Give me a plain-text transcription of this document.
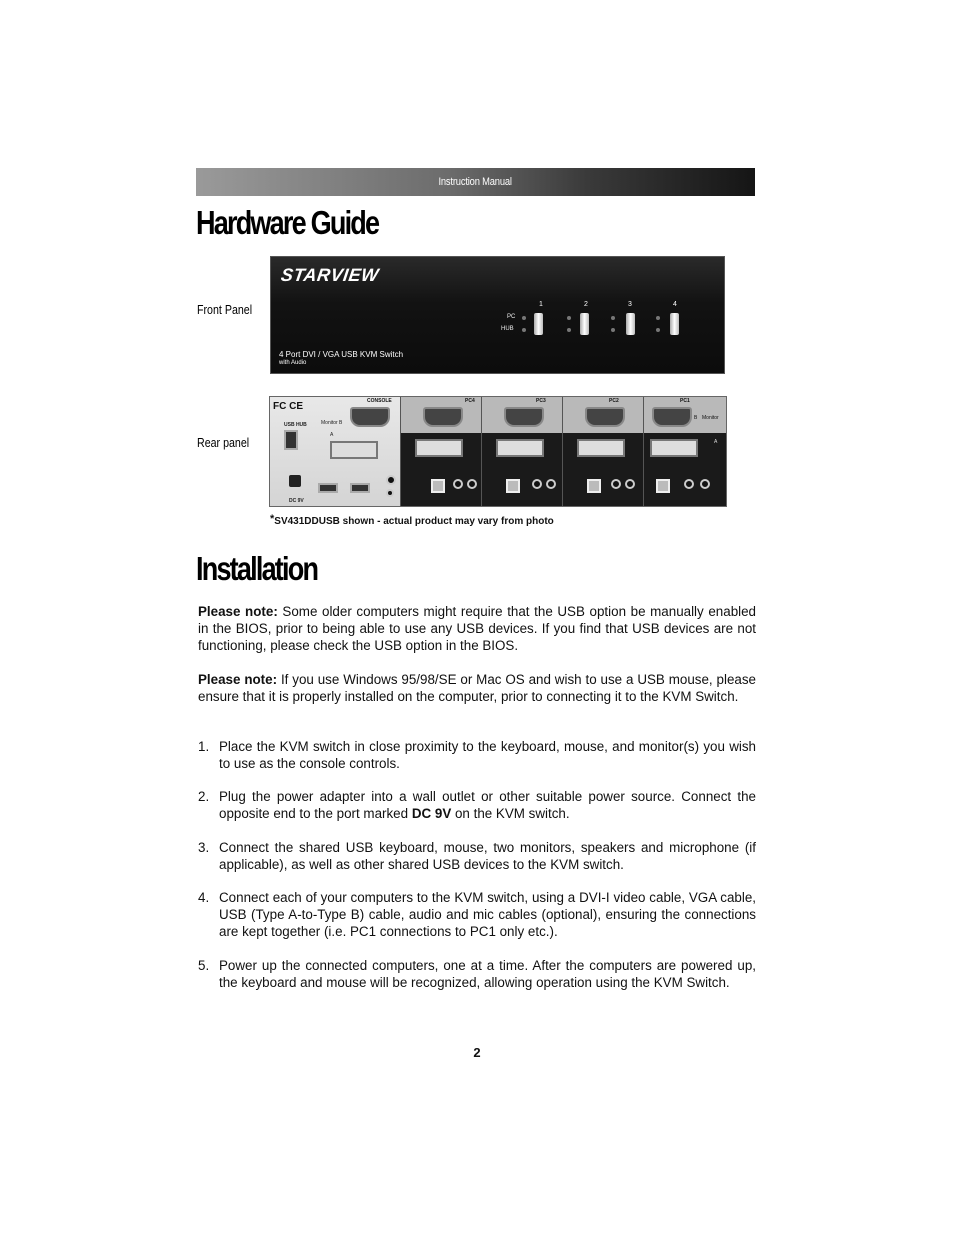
Instruction Manual
Hardware Guide
Front Panel
Rear panel
STARVIEW
PC
HUB
1	2	3	4
4 Port DVI / VGA USB KVM Switch
with Audio
FC CE
USB HUB
DC 9V
Monitor B
A
CONSOLE	PC4	PC3	PC2	PC1
B Monitor
A
*SV431DDUSB shown - actual product may vary from photo
Installation

Please note: Some older computers might require that the USB option be manually enabled in the BIOS, prior to being able to use any USB devices. If you find that USB devices are not functioning, please check the USB option in the BIOS.

Please note: If you use Windows 95/98/SE or Mac OS and wish to use a USB mouse, please ensure that it is properly installed on the computer, prior to connecting it to the KVM Switch.

1. Place the KVM switch in close proximity to the keyboard, mouse, and monitor(s) you wish to use as the console controls.
2. Plug the power adapter into a wall outlet or other suitable power source. Connect the opposite end to the port marked DC 9V on the KVM switch.
3. Connect the shared USB keyboard, mouse, two monitors, speakers and microphone (if applicable), as well as other shared USB devices to the KVM switch.
4. Connect each of your computers to the KVM switch, using a DVI-I video cable, VGA cable, USB (Type A-to-Type B) cable, audio and mic cables (optional), ensuring the connections are kept together (i.e. PC1 connections to PC1 only etc.).
5. Power up the connected computers, one at a time. After the computers are powered up, the keyboard and mouse will be recognized, allowing operation using the KVM Switch.
2
